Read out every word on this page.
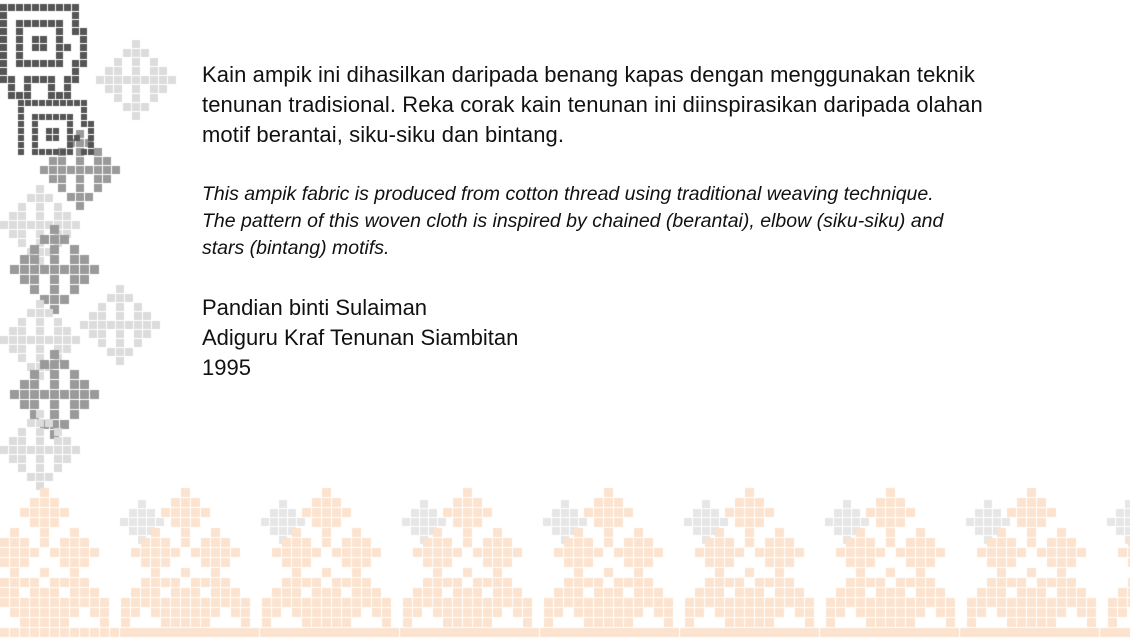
Kain ampik ini dihasilkan daripada benang kapas dengan menggunakan teknik
tenunan tradisional. Reka corak kain tenunan ini diinspirasikan daripada olahan
motif berantai, siku-siku dan bintang.

This ampik fabric is produced from cotton thread using traditional weaving technique.
The pattern of this woven cloth is inspired by chained (berantai), elbow (siku-siku) and
stars (bintang) motifs.

Pandian binti Sulaiman
Adiguru Kraf Tenunan Siambitan
1995
